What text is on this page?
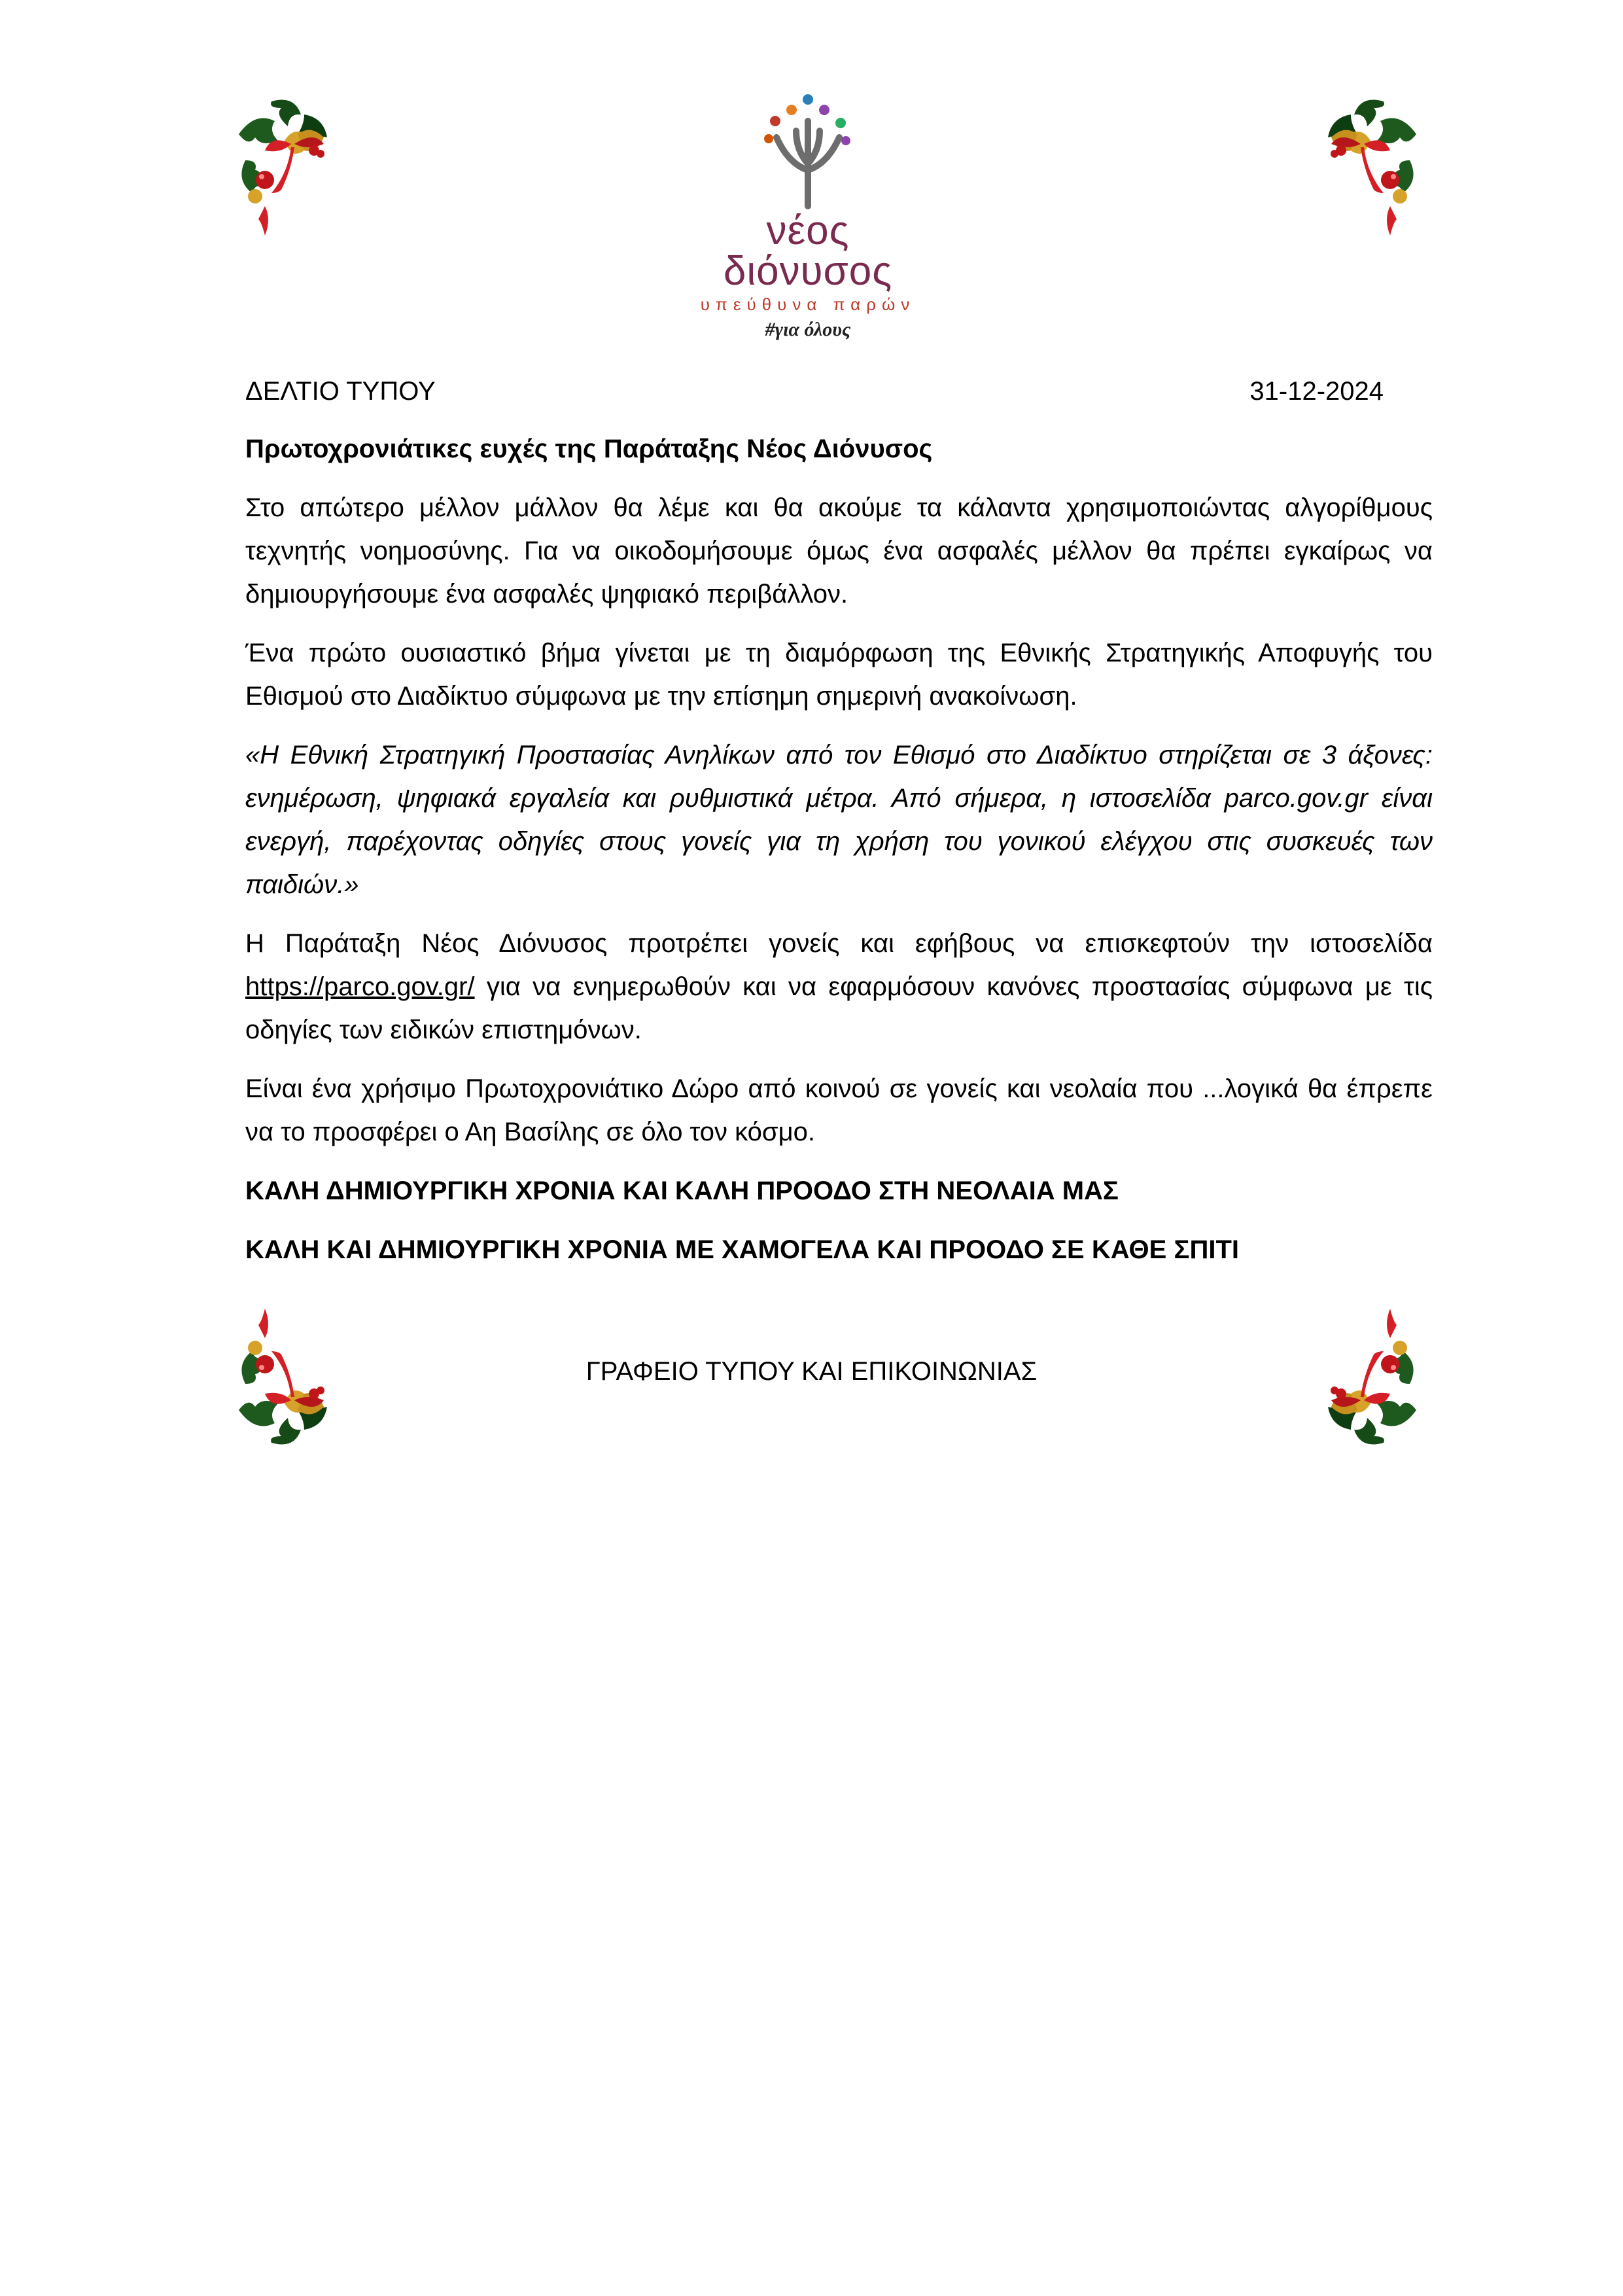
νέος διόνυσος
υπεύθυνα παρών
#για όλους
ΔΕΛΤΙΟ ΤΥΠΟΥ	31-12-2024
Πρωτοχρονιάτικες ευχές της Παράταξης Νέος Διόνυσος

Στο απώτερο μέλλον μάλλον θα λέμε και θα ακούμε τα κάλαντα χρησιμοποιώντας αλγορίθμους τεχνητής νοημοσύνης. Για να οικοδομήσουμε όμως ένα ασφαλές μέλλον θα πρέπει εγκαίρως να δημιουργήσουμε ένα ασφαλές ψηφιακό περιβάλλον.

Ένα πρώτο ουσιαστικό βήμα γίνεται με τη διαμόρφωση της Εθνικής Στρατηγικής Αποφυγής του Εθισμού στο Διαδίκτυο σύμφωνα με την επίσημη σημερινή ανακοίνωση.

«Η Εθνική Στρατηγική Προστασίας Ανηλίκων από τον Εθισμό στο Διαδίκτυο στηρίζεται σε 3 άξονες: ενημέρωση, ψηφιακά εργαλεία και ρυθμιστικά μέτρα. Από σήμερα, η ιστοσελίδα parco.gov.gr είναι ενεργή, παρέχοντας οδηγίες στους γονείς για τη χρήση του γονικού ελέγχου στις συσκευές των παιδιών.»

Η Παράταξη Νέος Διόνυσος προτρέπει γονείς και εφήβους να επισκεφτούν την ιστοσελίδα https://parco.gov.gr/ για να ενημερωθούν και να εφαρμόσουν κανόνες προστασίας σύμφωνα με τις οδηγίες των ειδικών επιστημόνων.

Είναι ένα χρήσιμο Πρωτοχρονιάτικο Δώρο από κοινού σε γονείς και νεολαία που ...λογικά θα έπρεπε να το προσφέρει ο Αη Βασίλης σε όλο τον κόσμο.

ΚΑΛΗ ΔΗΜΙΟΥΡΓΙΚΗ ΧΡΟΝΙΑ ΚΑΙ ΚΑΛΗ ΠΡΟΟΔΟ ΣΤΗ ΝΕΟΛΑΙΑ ΜΑΣ
ΚΑΛΗ ΚΑΙ ΔΗΜΙΟΥΡΓΙΚΗ ΧΡΟΝΙΑ ΜΕ ΧΑΜΟΓΕΛΑ ΚΑΙ ΠΡΟΟΔΟ ΣΕ ΚΑΘΕ ΣΠΙΤΙ
ΓΡΑΦΕΙΟ ΤΥΠΟΥ ΚΑΙ ΕΠΙΚΟΙΝΩΝΙΑΣ
